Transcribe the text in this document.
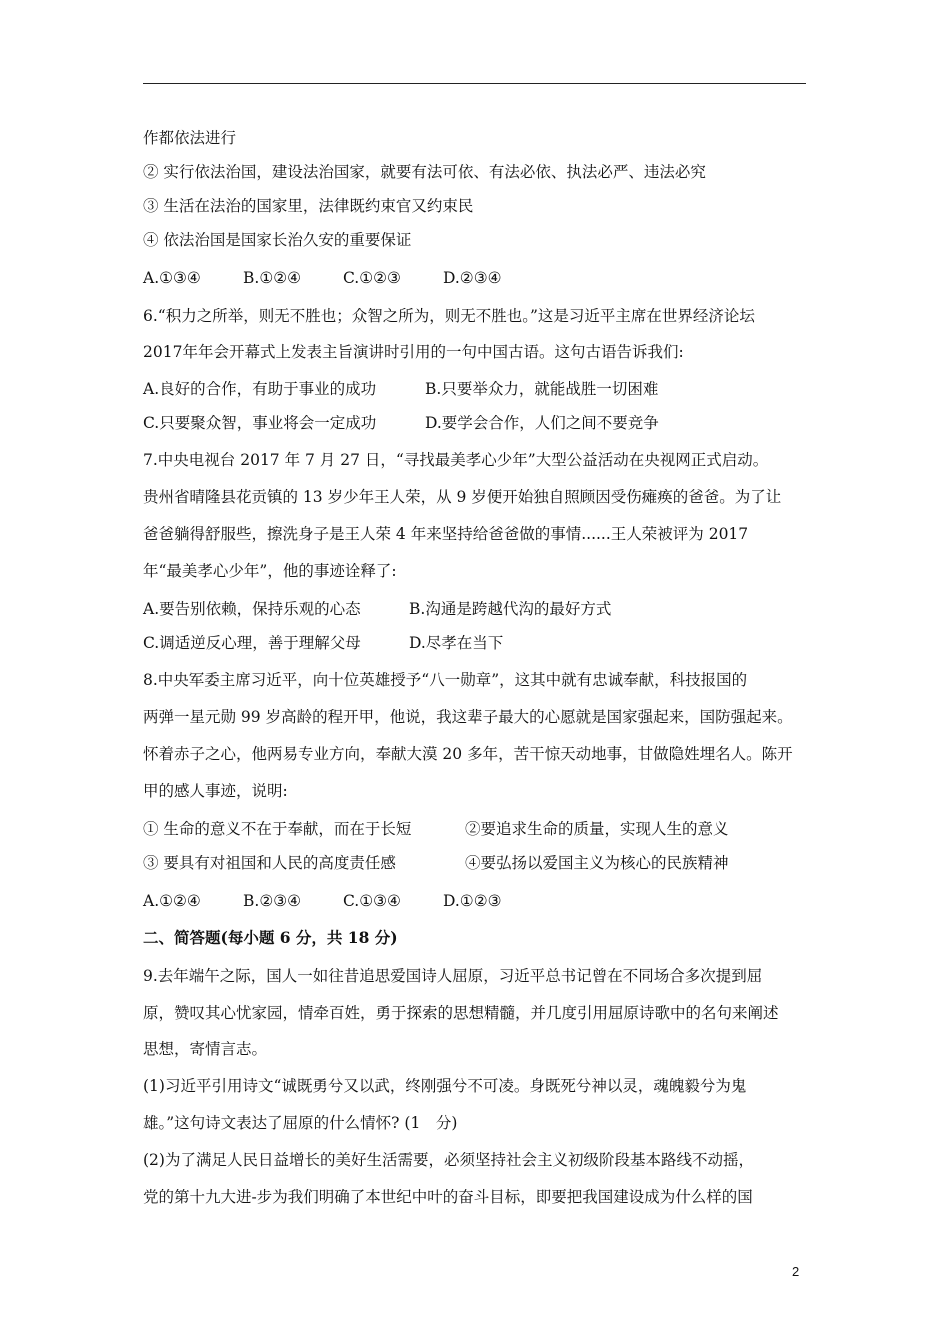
作都依法进行
② 实行依法治国，建设法治国家，就要有法可依、有法必依、执法必严、违法必究
③ 生活在法治的国家里，法律既约束官又约束民
④ 依法治国是国家长治久安的重要保证
A.①③④	B.①②④	C.①②③	D.②③④
6.“积力之所举，则无不胜也；众智之所为，则无不胜也。”这是习近平主席在世界经济论坛
2017年年会开幕式上发表主旨演讲时引用的一句中国古语。这句古语告诉我们:
A.良好的合作，有助于事业的成功	B.只要举众力，就能战胜一切困难
C.只要聚众智，事业将会一定成功	D.要学会合作，人们之间不要竞争
7.中央电视台 2017 年 7 月 27 日，“寻找最美孝心少年”大型公益活动在央视网正式启动。
贵州省晴隆县花贡镇的 13 岁少年王人荣，从 9 岁便开始独自照顾因受伤瘫痪的爸爸。为了让
爸爸躺得舒服些，擦洗身子是王人荣 4 年来坚持给爸爸做的事情......王人荣被评为 2017
年“最美孝心少年”，他的事迹诠释了:
A.要告别依赖，保持乐观的心态	B.沟通是跨越代沟的最好方式
C.调适逆反心理，善于理解父母	D.尽孝在当下
8.中央军委主席习近平，向十位英雄授予“八一勋章”，这其中就有忠诚奉献，科技报国的
两弹一星元勋 99 岁高龄的程开甲，他说，我这辈子最大的心愿就是国家强起来，国防强起来。
怀着赤子之心，他两易专业方向，奉献大漠 20 多年，苦干惊天动地事，甘做隐姓埋名人。陈开
甲的感人事迹，说明:
① 生命的意义不在于奉献，而在于长短	②要追求生命的质量，实现人生的意义
③ 要具有对祖国和人民的高度责任感	④要弘扬以爱国主义为核心的民族精神
A.①②④	B.②③④	C.①③④	D.①②③
二、简答题(每小题 6 分，共 18 分)
9.去年端午之际，国人一如往昔追思爱国诗人屈原，习近平总书记曾在不同场合多次提到屈
原，赞叹其心忧家园，情牵百姓，勇于探索的思想精髓，并几度引用屈原诗歌中的名句来阐述
思想，寄情言志。
(1)习近平引用诗文“诚既勇兮又以武，终刚强兮不可凌。身既死兮神以灵，魂魄毅兮为鬼
雄。”这句诗文表达了屈原的什么情怀? (1　分)
(2)为了满足人民日益增长的美好生活需要，必须坚持社会主义初级阶段基本路线不动摇，
党的第十九大进-步为我们明确了本世纪中叶的奋斗目标，即要把我国建设成为什么样的国
2
